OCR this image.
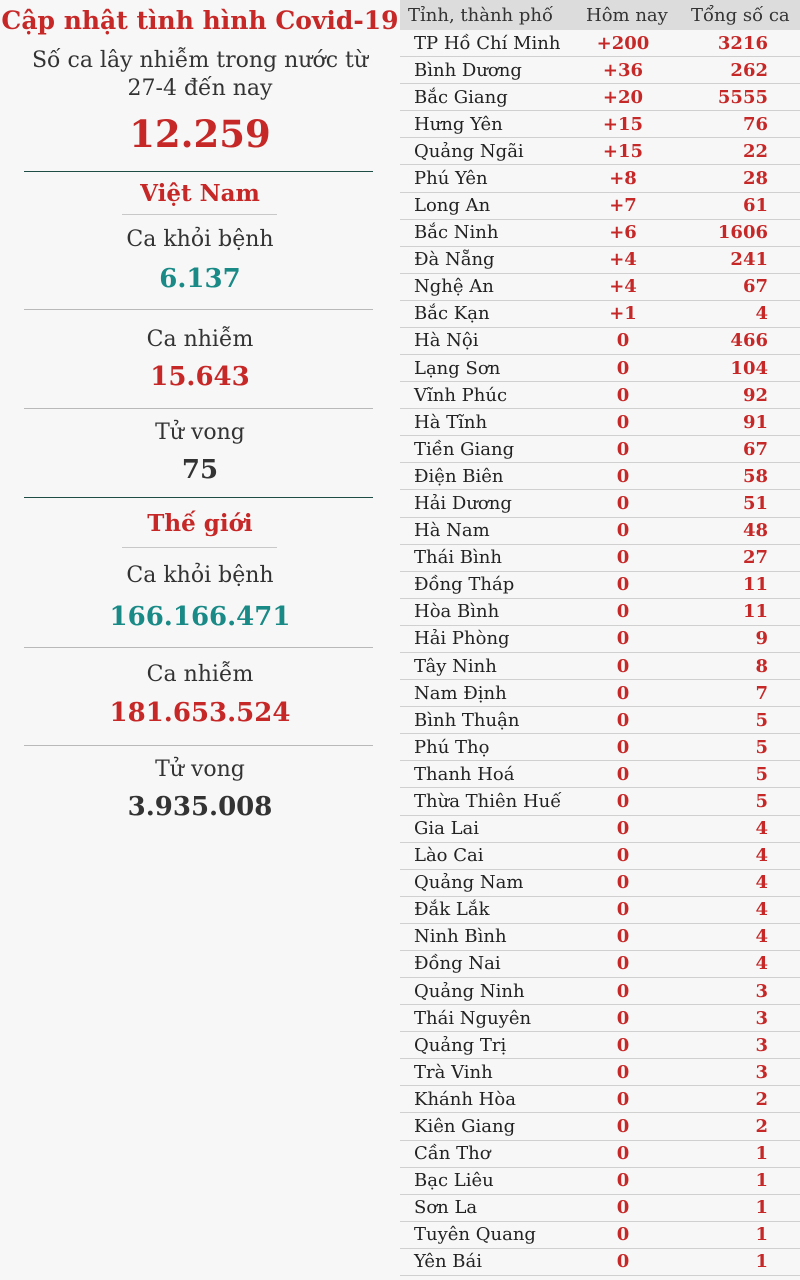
Cập nhật tình hình Covid-19
Số ca lây nhiễm trong nước từ
27-4 đến nay
12.259
Việt Nam
Ca khỏi bệnh
6.137
Ca nhiễm
15.643
Tử vong
75
Thế giới
Ca khỏi bệnh
166.166.471
Ca nhiễm
181.653.524
Tử vong
3.935.008
Tỉnh, thành phố Hôm nay Tổng số ca
TP Hồ Chí Minh	+200	3216
Bình Dương	+36	262
Bắc Giang	+20	5555
Hưng Yên	+15	76
Quảng Ngãi	+15	22
Phú Yên	+8	28
Long An	+7	61
Bắc Ninh	+6	1606
Đà Nẵng	+4	241
Nghệ An	+4	67
Bắc Kạn	+1	4
Hà Nội	0	466
Lạng Sơn	0	104
Vĩnh Phúc	0	92
Hà Tĩnh	0	91
Tiền Giang	0	67
Điện Biên	0	58
Hải Dương	0	51
Hà Nam	0	48
Thái Bình	0	27
Đồng Tháp	0	11
Hòa Bình	0	11
Hải Phòng	0	9
Tây Ninh	0	8
Nam Định	0	7
Bình Thuận	0	5
Phú Thọ	0	5
Thanh Hoá	0	5
Thừa Thiên Huế	0	5
Gia Lai	0	4
Lào Cai	0	4
Quảng Nam	0	4
Đắk Lắk	0	4
Ninh Bình	0	4
Đồng Nai	0	4
Quảng Ninh	0	3
Thái Nguyên	0	3
Quảng Trị	0	3
Trà Vinh	0	3
Khánh Hòa	0	2
Kiên Giang	0	2
Cần Thơ	0	1
Bạc Liêu	0	1
Sơn La	0	1
Tuyên Quang	0	1
Yên Bái	0	1
